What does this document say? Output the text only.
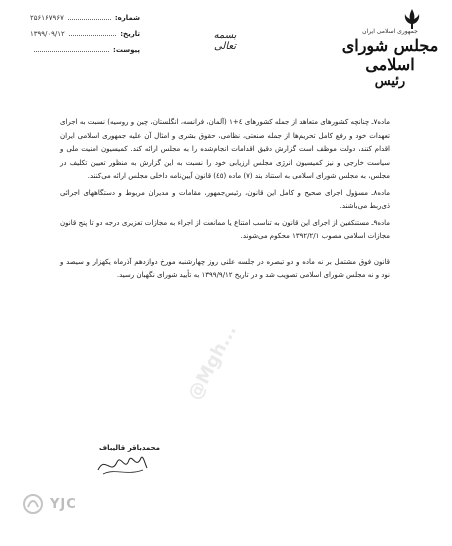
جمهوری اسلامی ایران
مجلس شورای اسلامی
رئیس
بسمه تعالی
شماره:
۲۵۶۱۶۷۹۶۷
تاریخ:
۱۳۹۹/۰۹/۱۲
پیوست:

ماده۷ـ چنانچه کشورهای متعاهد از جمله کشورهای ٤+١ (آلمان، فرانسه، انگلستان، چین و روسیه) نسبت به اجرای تعهدات خود و رفع کامل تحریم‌ها از جمله صنعتی، نظامی، حقوق بشری و امثال آن علیه جمهوری اسلامی ایران اقدام کنند، دولت موظف است گزارش دقیق اقدامات انجام‌شده را به مجلس ارائه کند. کمیسیون امنیت ملی و سیاست خارجی و نیز کمیسیون انرژی مجلس ارزیابی خود را نسبت به این گزارش به منظور تعیین تکلیف در مجلس، به مجلس شورای اسلامی به استناد بند (۷) ماده (٤٥) قانون آیین‌نامه داخلی مجلس ارائه می‌کنند.

ماده۸ـ مسؤول اجرای صحیح و کامل این قانون، رئیس‌جمهور، مقامات و مدیران مربوط و دستگاههای اجرائی ذی‌ربط می‌باشند.

ماده۹ـ مستنکفین از اجرای این قانون به تناسب امتناع یا ممانعت از اجراء به مجازات تعزیری درجه دو تا پنج قانون مجازات اسلامی مصوب ۱۳۹۲/۲/۱ محکوم می‌شوند.

قانون فوق مشتمل بر نه ماده و دو تبصره در جلسه علنی روز چهارشنبه مورخ دوازدهم آذرماه یکهزار و سیصد و نود و نه مجلس شورای اسلامی تصویب شد و در تاریخ ۱۳۹۹/۹/۱۲ به تأیید شورای نگهبان رسید.

محمدباقر قالیباف
@Mgh...
YJC
